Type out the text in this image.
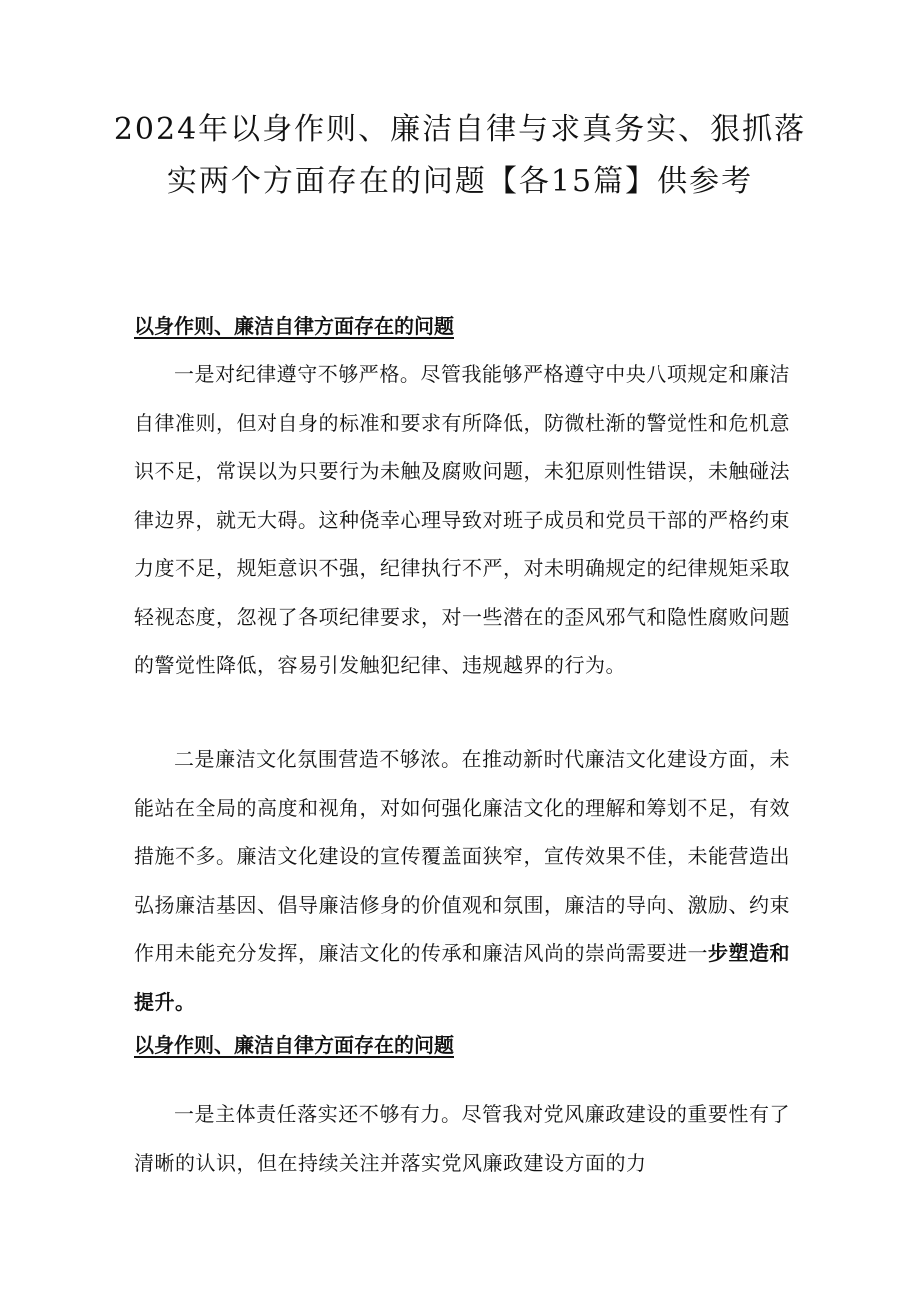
2024年以身作则、廉洁自律与求真务实、狠抓落实两个方面存在的问题【各15篇】供参考
以身作则、廉洁自律方面存在的问题

一是对纪律遵守不够严格。尽管我能够严格遵守中央八项规定和廉洁自律准则，但对自身的标准和要求有所降低，防微杜渐的警觉性和危机意识不足，常误以为只要行为未触及腐败问题，未犯原则性错误，未触碰法律边界，就无大碍。这种侥幸心理导致对班子成员和党员干部的严格约束力度不足，规矩意识不强，纪律执行不严，对未明确规定的纪律规矩采取轻视态度，忽视了各项纪律要求，对一些潜在的歪风邪气和隐性腐败问题的警觉性降低，容易引发触犯纪律、违规越界的行为。

二是廉洁文化氛围营造不够浓。在推动新时代廉洁文化建设方面，未能站在全局的高度和视角，对如何强化廉洁文化的理解和筹划不足，有效措施不多。廉洁文化建设的宣传覆盖面狭窄，宣传效果不佳，未能营造出弘扬廉洁基因、倡导廉洁修身的价值观和氛围，廉洁的导向、激励、约束作用未能充分发挥，廉洁文化的传承和廉洁风尚的崇尚需要进一步塑造和提升。

以身作则、廉洁自律方面存在的问题

一是主体责任落实还不够有力。尽管我对党风廉政建设的重要性有了清晰的认识，但在持续关注并落实党风廉政建设方面的力
